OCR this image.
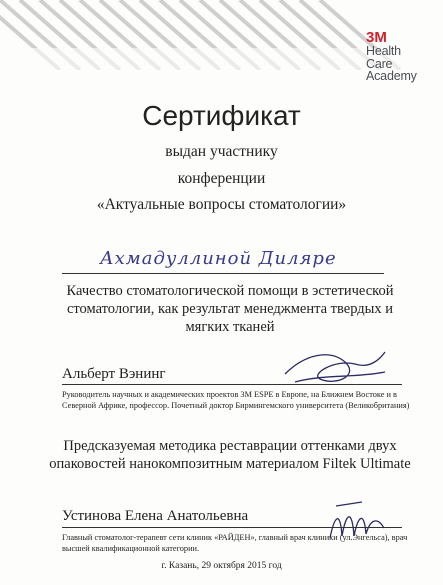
3M
Health
Care
Academy
Сертификат
выдан участнику
конференции
«Актуальные вопросы стоматологии»
Ахмадуллиной Диляре
Качество стоматологической помощи в эстетической
стоматологии, как результат менеджмента твердых и
мягких тканей
Альберт Вэнинг
Руководитель научных и академических проектов 3M ESPE в Европе, на Ближнем Востоке и в
Северной Африке, профессор. Почетный доктор Бирмингемского университета (Великобритания)
Предсказуемая методика реставрации оттенками двух
опаковостей нанокомпозитным материалом Filtek Ultimate
Устинова Елена Анатольевна
Главный стоматолог-терапевт сети клиник «РАЙДЕН», главный врач клиники (ул.Энгельса), врач
высшей квалификационной категории.
г. Казань, 29 октября 2015 год
